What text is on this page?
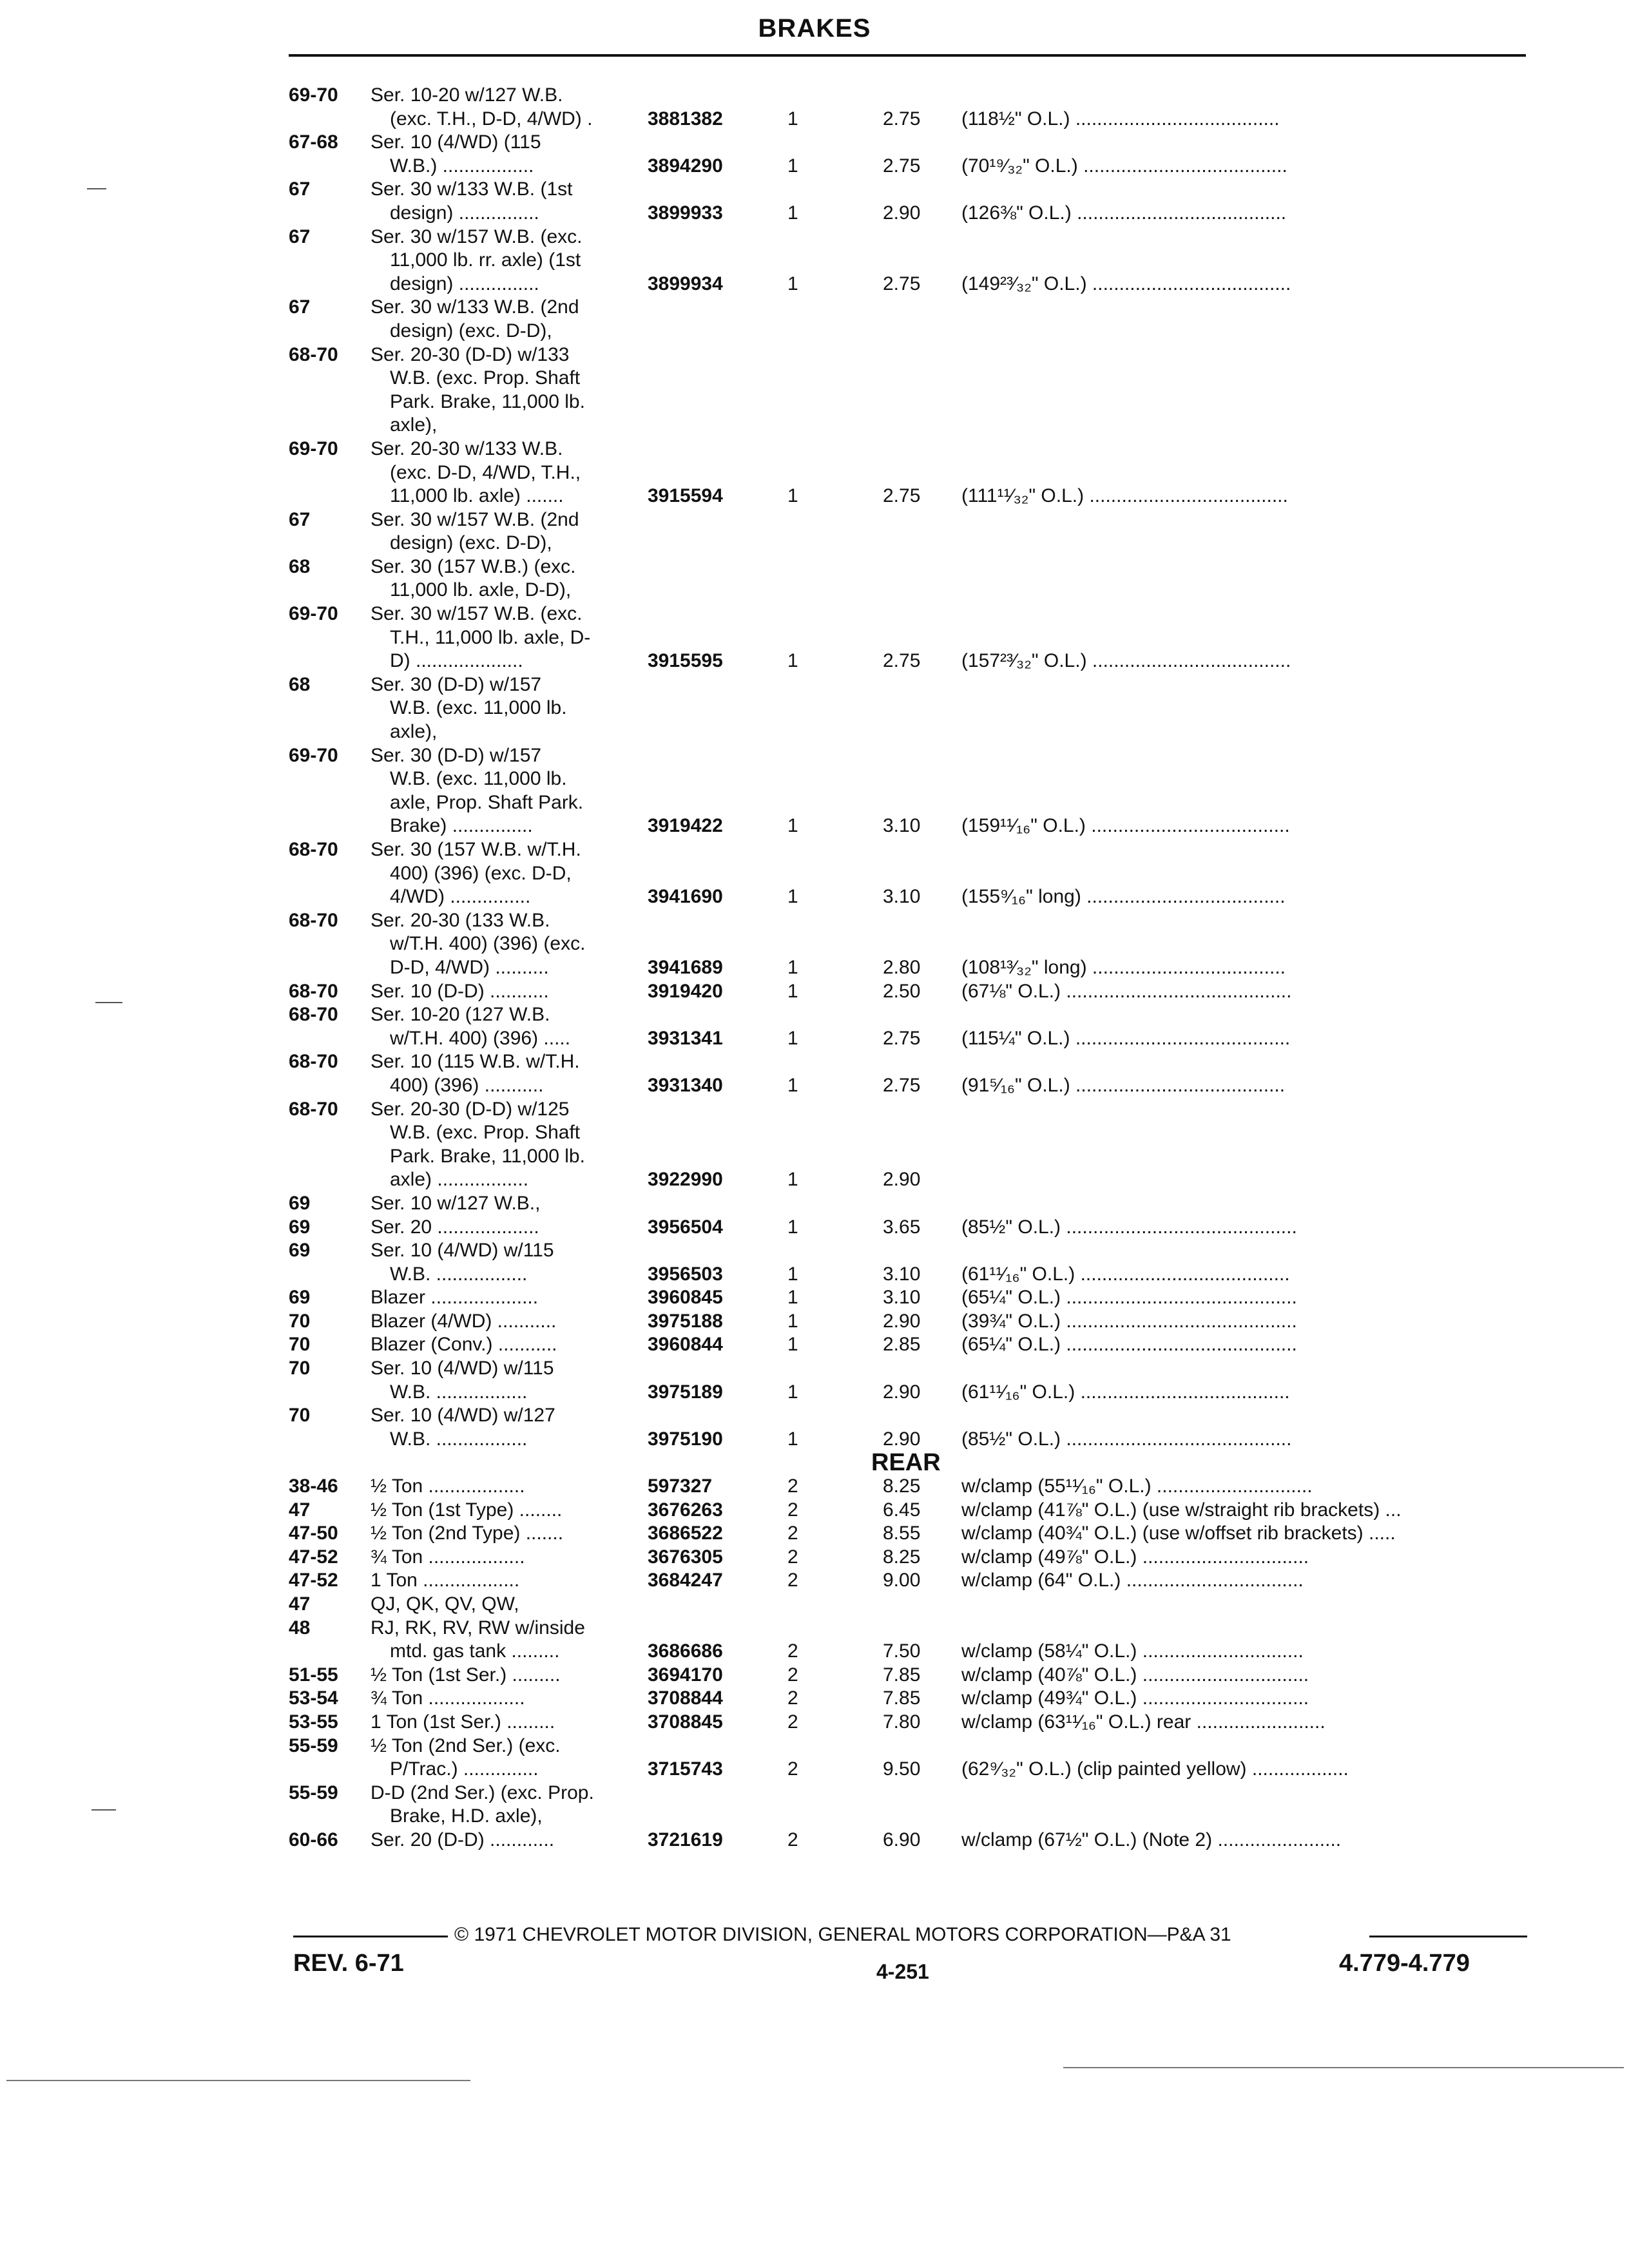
BRAKES
69-70 Ser. 10-20 w/127 W.B.
(exc. T.H., D-D, 4/WD) .	3881382	1	2.75 (118½" O.L.) ......................................
67-68 Ser. 10 (4/WD) (115
W.B.) .................	3894290	1	2.75 (70¹⁹⁄₃₂" O.L.) ......................................
67	Ser. 30 w/133 W.B. (1st
design) ...............	3899933	1	2.90 (126⅜" O.L.) .......................................
67	Ser. 30 w/157 W.B. (exc.
11,000 lb. rr. axle) (1st
design) ...............	3899934	1	2.75 (149²³⁄₃₂" O.L.) .....................................
67	Ser. 30 w/133 W.B. (2nd
design) (exc. D-D),
68-70 Ser. 20-30 (D-D) w/133
W.B. (exc. Prop. Shaft
Park. Brake, 11,000 lb.
axle),
69-70 Ser. 20-30 w/133 W.B.
(exc. D-D, 4/WD, T.H.,
11,000 lb. axle) .......	3915594	1	2.75 (111¹¹⁄₃₂" O.L.) .....................................
67	Ser. 30 w/157 W.B. (2nd
design) (exc. D-D),
68	Ser. 30 (157 W.B.) (exc.
11,000 lb. axle, D-D),
69-70 Ser. 30 w/157 W.B. (exc.
T.H., 11,000 lb. axle, D-
D) ....................	3915595	1	2.75 (157²³⁄₃₂" O.L.) .....................................
68	Ser. 30 (D-D) w/157
W.B. (exc. 11,000 lb.
axle),
69-70 Ser. 30 (D-D) w/157
W.B. (exc. 11,000 lb.
axle, Prop. Shaft Park.
Brake) ...............	3919422	1	3.10 (159¹¹⁄₁₆" O.L.) .....................................
68-70 Ser. 30 (157 W.B. w/T.H.
400) (396) (exc. D-D,
4/WD) ...............	3941690	1	3.10 (155⁹⁄₁₆" long) .....................................
68-70 Ser. 20-30 (133 W.B.
w/T.H. 400) (396) (exc.
D-D, 4/WD) ..........	3941689	1	2.80 (108¹³⁄₃₂" long) ....................................
68-70 Ser. 10 (D-D) ...........	3919420	1	2.50 (67⅛" O.L.) ..........................................
68-70 Ser. 10-20 (127 W.B.
w/T.H. 400) (396) .....	3931341	1	2.75 (115¼" O.L.) ........................................
68-70 Ser. 10 (115 W.B. w/T.H.
400) (396) ...........	3931340	1	2.75 (91⁵⁄₁₆" O.L.) .......................................
68-70 Ser. 20-30 (D-D) w/125
W.B. (exc. Prop. Shaft
Park. Brake, 11,000 lb.
axle) .................	3922990	1	2.90
69	Ser. 10 w/127 W.B.,
69	Ser. 20 ...................	3956504	1	3.65 (85½" O.L.) ...........................................
69	Ser. 10 (4/WD) w/115
W.B. .................	3956503	1	3.10 (61¹¹⁄₁₆" O.L.) .......................................
69	Blazer ....................	3960845	1	3.10 (65¼" O.L.) ...........................................
70	Blazer (4/WD) ...........	3975188	1	2.90 (39¾" O.L.) ...........................................
70	Blazer (Conv.) ...........	3960844	1	2.85 (65¼" O.L.) ...........................................
70	Ser. 10 (4/WD) w/115
W.B. .................	3975189	1	2.90 (61¹¹⁄₁₆" O.L.) .......................................
70	Ser. 10 (4/WD) w/127
W.B. .................	3975190	1	2.90 (85½" O.L.) ..........................................
REAR
38-46 ½ Ton ..................	597327	2	8.25 w/clamp (55¹¹⁄₁₆" O.L.) .............................
47	½ Ton (1st Type) ........	3676263	2	6.45 w/clamp (41⅞" O.L.) (use w/straight rib brackets) ...
47-50 ½ Ton (2nd Type) .......	3686522	2	8.55 w/clamp (40¾" O.L.) (use w/offset rib brackets) .....
47-52 ¾ Ton ..................	3676305	2	8.25 w/clamp (49⅞" O.L.) ...............................
47-52 1 Ton ..................	3684247	2	9.00 w/clamp (64" O.L.) .................................
47	QJ, QK, QV, QW,
48	RJ, RK, RV, RW w/inside
mtd. gas tank .........	3686686	2	7.50 w/clamp (58¼" O.L.) ..............................
51-55 ½ Ton (1st Ser.) .........	3694170	2	7.85 w/clamp (40⅞" O.L.) ...............................
53-54 ¾ Ton ..................	3708844	2	7.85 w/clamp (49¾" O.L.) ...............................
53-55 1 Ton (1st Ser.) .........	3708845	2	7.80 w/clamp (63¹¹⁄₁₆" O.L.) rear ........................
55-59 ½ Ton (2nd Ser.) (exc.
P/Trac.) ..............	3715743	2	9.50 (62⁹⁄₃₂" O.L.) (clip painted yellow) ..................
55-59 D-D (2nd Ser.) (exc. Prop.
Brake, H.D. axle),
60-66 Ser. 20 (D-D) ............	3721619	2	6.90 w/clamp (67½" O.L.) (Note 2) .......................
© 1971 CHEVROLET MOTOR DIVISION, GENERAL MOTORS CORPORATION—P&A 31
REV. 6-71	4-251	4.779-4.779
